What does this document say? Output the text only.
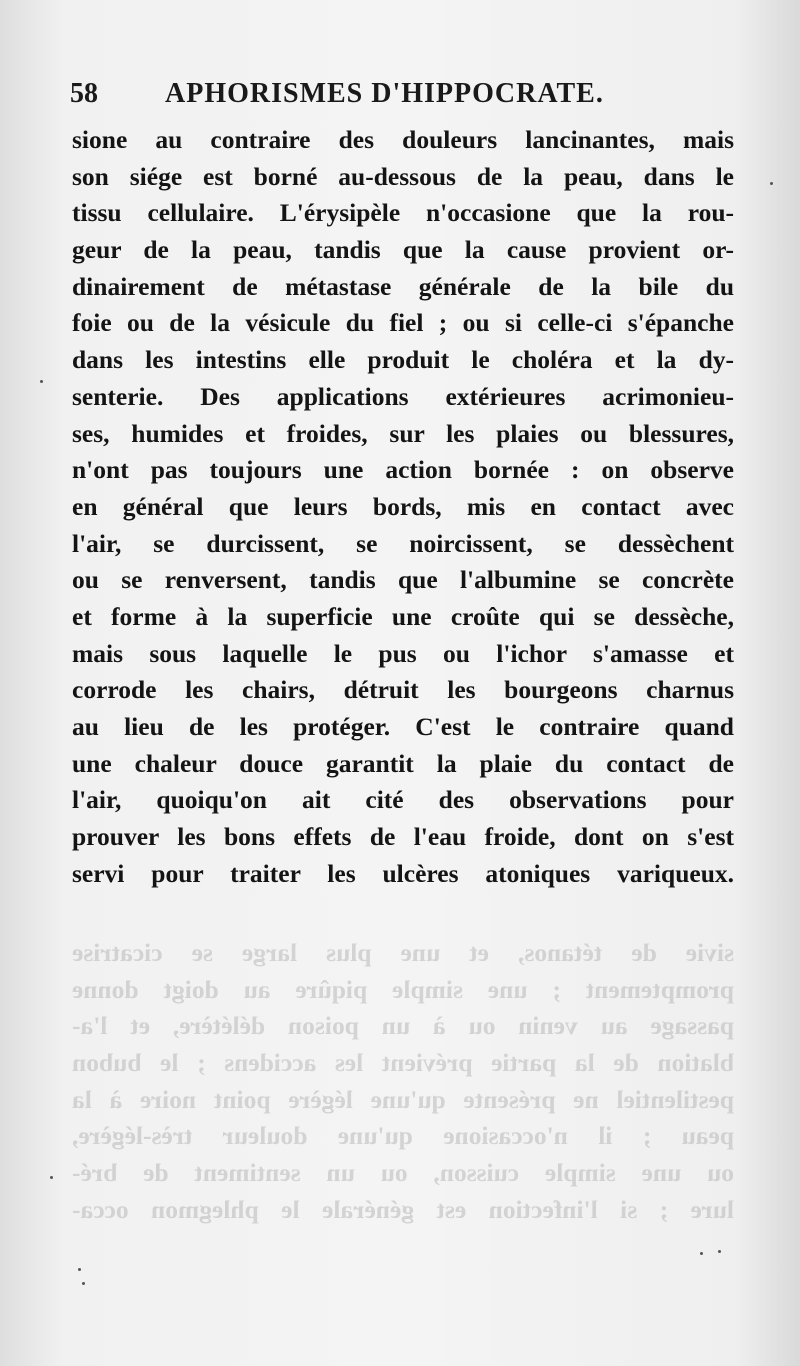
58 APHORISMES D'HIPPOCRATE.
sione au contraire des douleurs lancinantes, mais
son siége est borné au-dessous de la peau, dans le
tissu cellulaire. L'érysipèle n'occasione que la rou-
geur de la peau, tandis que la cause provient or-
dinairement de métastase générale de la bile du
foie ou de la vésicule du fiel ; ou si celle-ci s'épanche
dans les intestins elle produit le choléra et la dy-
senterie. Des applications extérieures acrimonieu-
ses, humides et froides, sur les plaies ou blessures,
n'ont pas toujours une action bornée : on observe
en général que leurs bords, mis en contact avec
l'air, se durcissent, se noircissent, se dessèchent
ou se renversent, tandis que l'albumine se concrète
et forme à la superficie une croûte qui se dessèche,
mais sous laquelle le pus ou l'ichor s'amasse et
corrode les chairs, détruit les bourgeons charnus
au lieu de les protéger. C'est le contraire quand
une chaleur douce garantit la plaie du contact de
l'air, quoiqu'on ait cité des observations pour
prouver les bons effets de l'eau froide, dont on s'est
servi pour traiter les ulcères atoniques variqueux.
sivie de tétanos, et une plus large se cicatrise
promptement ; une simple piqûre au doigt donne
passage au venin ou à un poison délétère, et l'a-
blation de la partie prévient les accidens ; le bubon
pestilentiel ne présente qu'une légère point noire à la
peau ; il n'occasione qu'une douleur très-légère,
ou une simple cuisson, ou un sentiment de bré-
lure ; si l'infection est générale le phlegmon occa-
